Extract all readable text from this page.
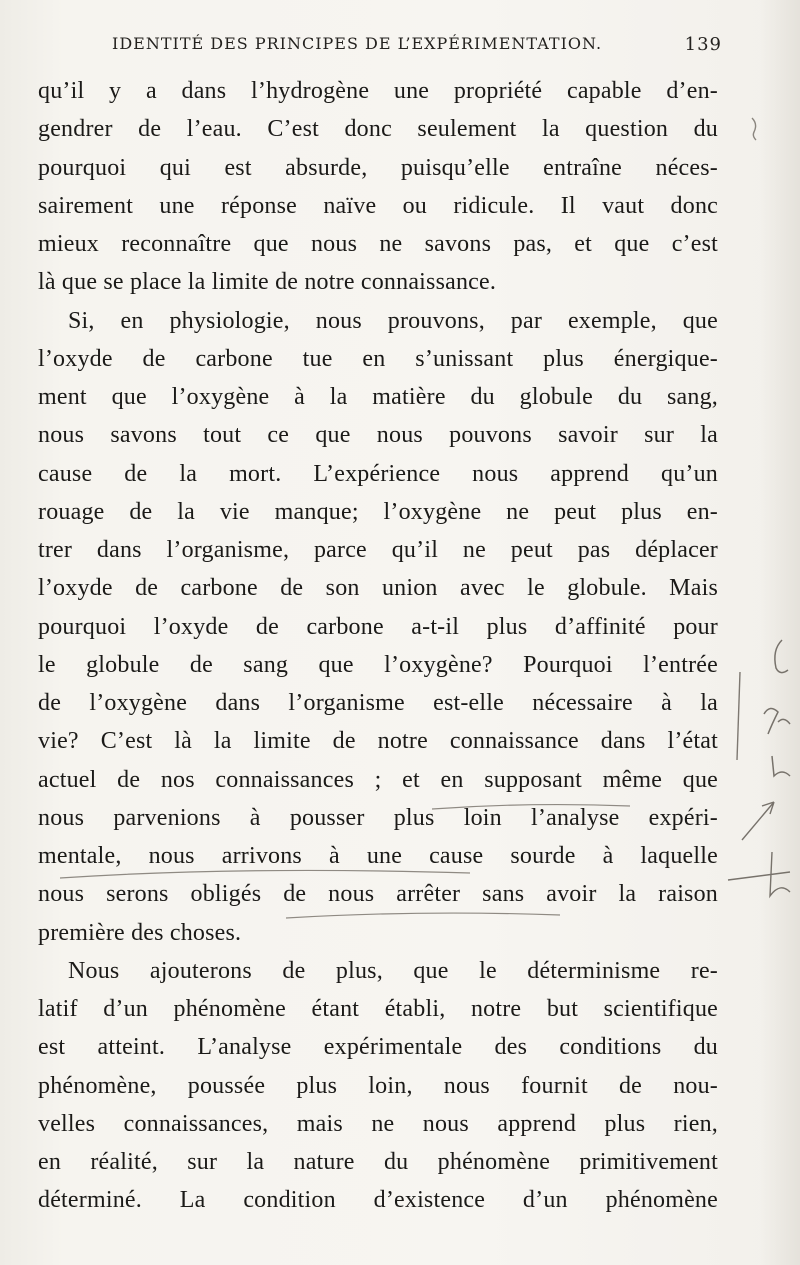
IDENTITÉ DES PRINCIPES DE L’EXPÉRIMENTATION.	139
qu’il y a dans l’hydrogène une propriété capable d’en-
gendrer de l’eau. C’est donc seulement la question du
pourquoi qui est absurde, puisqu’elle entraîne néces-
sairement une réponse naïve ou ridicule. Il vaut donc
mieux reconnaître que nous ne savons pas, et que c’est
là que se place la limite de notre connaissance.
Si, en physiologie, nous prouvons, par exemple, que
l’oxyde de carbone tue en s’unissant plus énergique-
ment que l’oxygène à la matière du globule du sang,
nous savons tout ce que nous pouvons savoir sur la
cause de la mort. L’expérience nous apprend qu’un
rouage de la vie manque; l’oxygène ne peut plus en-
trer dans l’organisme, parce qu’il ne peut pas déplacer
l’oxyde de carbone de son union avec le globule. Mais
pourquoi l’oxyde de carbone a-t-il plus d’affinité pour
le globule de sang que l’oxygène? Pourquoi l’entrée
de l’oxygène dans l’organisme est-elle nécessaire à la
vie? C’est là la limite de notre connaissance dans l’état
actuel de nos connaissances ; et en supposant même que
nous parvenions à pousser plus loin l’analyse expéri-
mentale, nous arrivons à une cause sourde à laquelle
nous serons obligés de nous arrêter sans avoir la raison
première des choses.
Nous ajouterons de plus, que le déterminisme re-
latif d’un phénomène étant établi, notre but scientifique
est atteint. L’analyse expérimentale des conditions du
phénomène, poussée plus loin, nous fournit de nou-
velles connaissances, mais ne nous apprend plus rien,
en réalité, sur la nature du phénomène primitivement
déterminé. La condition d’existence d’un phénomène
